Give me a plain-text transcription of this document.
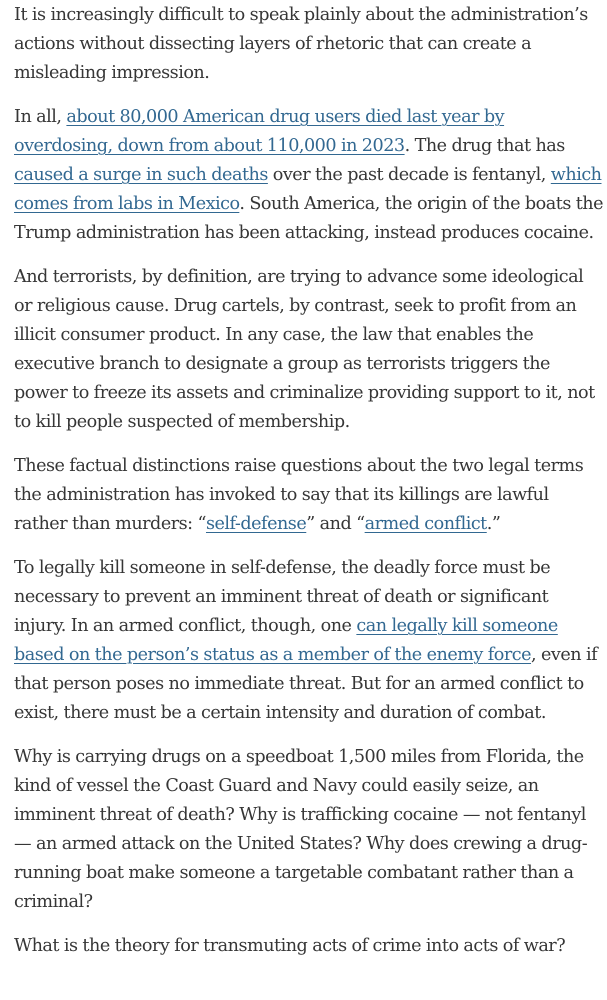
It is increasingly difficult to speak plainly about the administration’s actions without dissecting layers of rhetoric that can create a misleading impression.

In all, about 80,000 American drug users died last year by overdosing, down from about 110,000 in 2023. The drug that has caused a surge in such deaths over the past decade is fentanyl, which comes from labs in Mexico. South America, the origin of the boats the Trump administration has been attacking, instead produces cocaine.

And terrorists, by definition, are trying to advance some ideological or religious cause. Drug cartels, by contrast, seek to profit from an illicit consumer product. In any case, the law that enables the executive branch to designate a group as terrorists triggers the power to freeze its assets and criminalize providing support to it, not to kill people suspected of membership.

These factual distinctions raise questions about the two legal terms the administration has invoked to say that its killings are lawful rather than murders: “self-defense” and “armed conflict.”

To legally kill someone in self-defense, the deadly force must be necessary to prevent an imminent threat of death or significant injury. In an armed conflict, though, one can legally kill someone based on the person’s status as a member of the enemy force, even if that person poses no immediate threat. But for an armed conflict to exist, there must be a certain intensity and duration of combat.

Why is carrying drugs on a speedboat 1,500 miles from Florida, the kind of vessel the Coast Guard and Navy could easily seize, an imminent threat of death? Why is trafficking cocaine — not fentanyl — an armed attack on the United States? Why does crewing a drug-running boat make someone a targetable combatant rather than a criminal?

What is the theory for transmuting acts of crime into acts of war?
